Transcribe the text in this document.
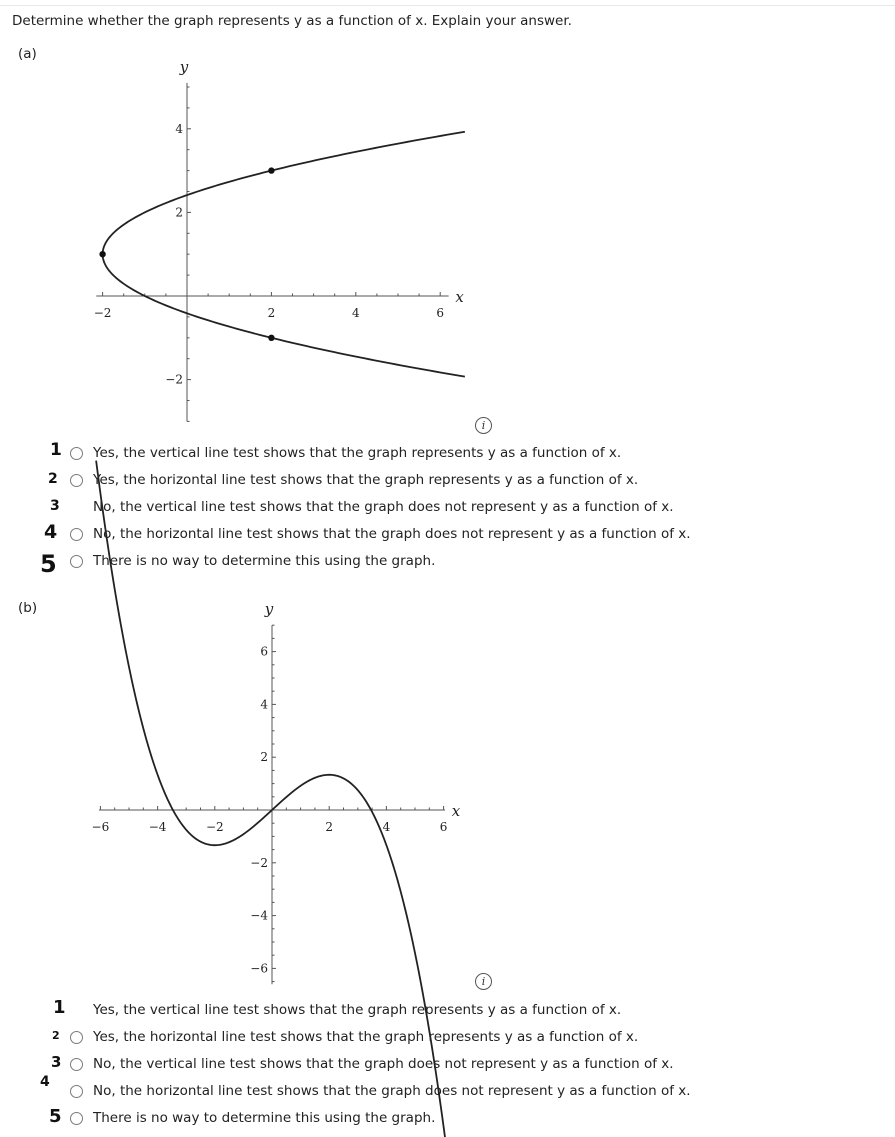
Determine whether the graph represents y as a function of x. Explain your answer.
(a)
−2	2	4	6
−2
2
4
x
y
i
1 Yes, the vertical line test shows that the graph represents y as a function of x.
2	Yes, the horizontal line test shows that the graph represents y as a function of x.
3 No, the vertical line test shows that the graph does not represent y as a function of x.
4	No, the horizontal line test shows that the graph does not represent y as a function of x.
5	There is no way to determine this using the graph.
(b)
−6	−4	−2	2	4	6
−6
−4
−2
2
4
6
x
y
i
1 Yes, the vertical line test shows that the graph represents y as a function of x.
2 Yes, the horizontal line test shows that the graph represents y as a function of x.
3 No, the vertical line test shows that the graph does not represent y as a function of x.
4
No, the horizontal line test shows that the graph does not represent y as a function of x.
5 There is no way to determine this using the graph.
